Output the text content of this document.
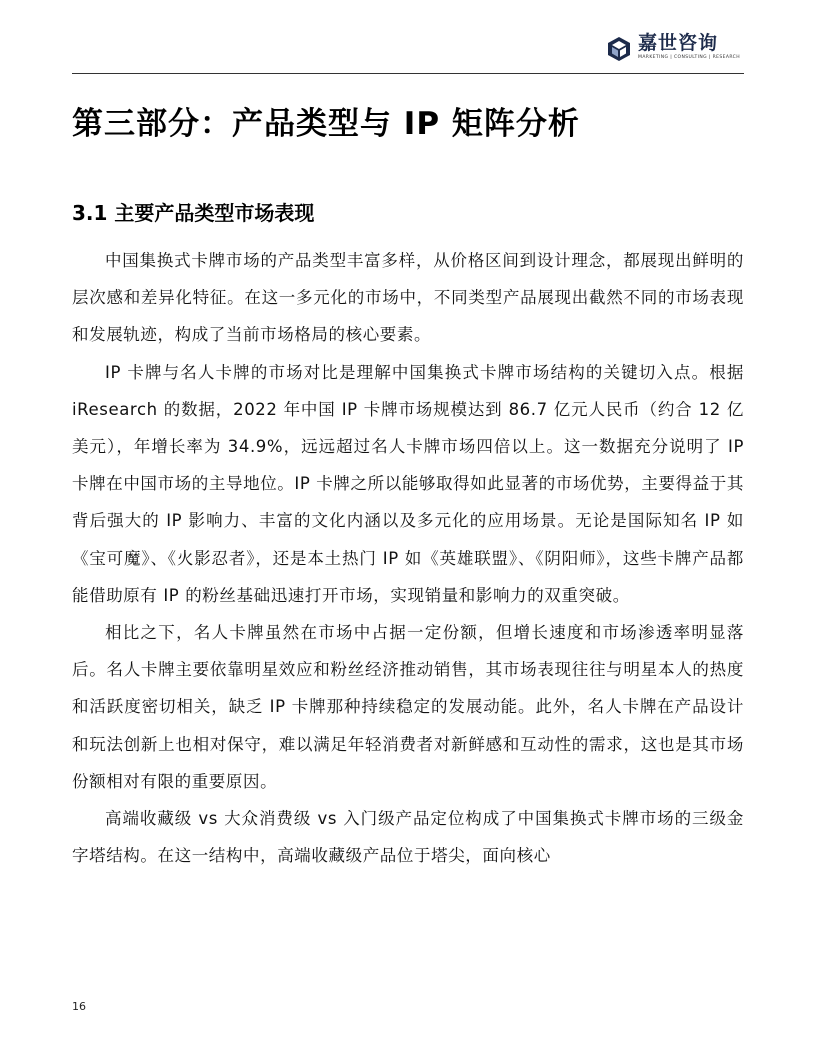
嘉世咨询
MARKETING | CONSULTING | RESEARCH
第三部分：产品类型与 IP 矩阵分析
3.1 主要产品类型市场表现

中国集换式卡牌市场的产品类型丰富多样，从价格区间到设计理念，都展现出鲜明的层次感和差异化特征。在这一多元化的市场中，不同类型产品展现出截然不同的市场表现和发展轨迹，构成了当前市场格局的核心要素。

IP 卡牌与名人卡牌的市场对比是理解中国集换式卡牌市场结构的关键切入点。根据 iResearch 的数据，2022 年中国 IP 卡牌市场规模达到 86.7 亿元人民币（约合 12 亿美元），年增长率为 34.9%，远远超过名人卡牌市场四倍以上。这一数据充分说明了 IP 卡牌在中国市场的主导地位。IP 卡牌之所以能够取得如此显著的市场优势，主要得益于其背后强大的 IP 影响力、丰富的文化内涵以及多元化的应用场景。无论是国际知名 IP 如《宝可魔》、《火影忍者》，还是本土热门 IP 如《英雄联盟》、《阴阳师》，这些卡牌产品都能借助原有 IP 的粉丝基础迅速打开市场，实现销量和影响力的双重突破。

相比之下，名人卡牌虽然在市场中占据一定份额，但增长速度和市场渗透率明显落后。名人卡牌主要依靠明星效应和粉丝经济推动销售，其市场表现往往与明星本人的热度和活跃度密切相关，缺乏 IP 卡牌那种持续稳定的发展动能。此外，名人卡牌在产品设计和玩法创新上也相对保守，难以满足年轻消费者对新鲜感和互动性的需求，这也是其市场份额相对有限的重要原因。

高端收藏级 vs 大众消费级 vs 入门级产品定位构成了中国集换式卡牌市场的三级金字塔结构。在这一结构中，高端收藏级产品位于塔尖，面向核心

16
